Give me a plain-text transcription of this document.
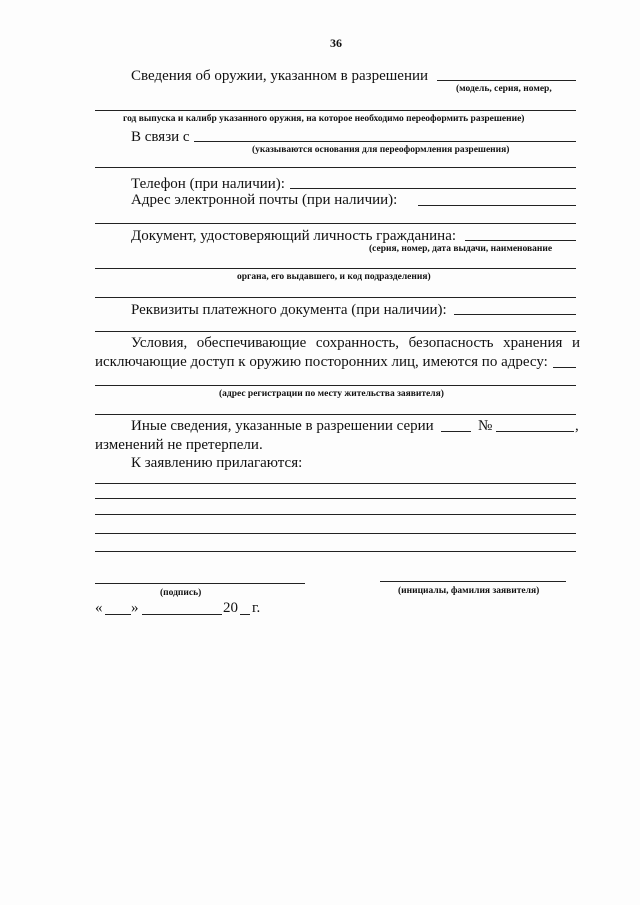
36
Сведения об оружии, указанном в разрешении
(модель, серия, номер,
год выпуска и калибр указанного оружия, на которое необходимо переоформить разрешение)
В связи с
(указываются основания для переоформления разрешения)
Телефон (при наличии):
Адрес электронной почты (при наличии):
Документ, удостоверяющий личность гражданина:
(серия, номер, дата выдачи, наименование
органа, его выдавшего, и код подразделения)
Реквизиты платежного документа (при наличии):
Условия, обеспечивающие сохранность, безопасность хранения и
исключающие доступ к оружию посторонних лиц, имеются по адресу:
(адрес регистрации по месту жительства заявителя)
Иные сведения, указанные в разрешении серии	№	,
изменений не претерпели.
К заявлению прилагаются:
(подпись)	(инициалы, фамилия заявителя)
« »	20 г.
